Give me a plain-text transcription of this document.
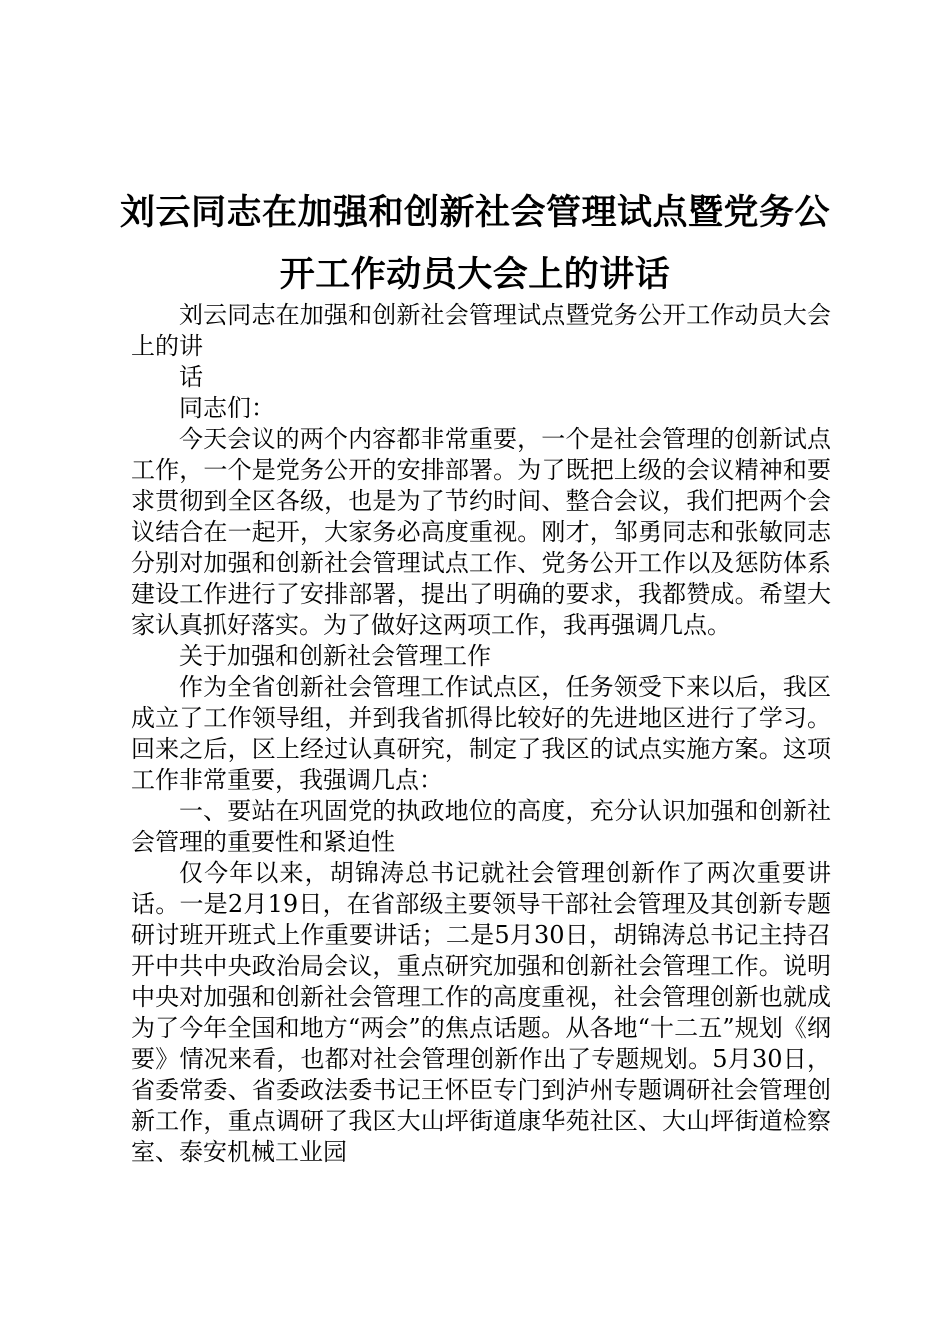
刘云同志在加强和创新社会管理试点暨党务公
开工作动员大会上的讲话

刘云同志在加强和创新社会管理试点暨党务公开工作动员大会上的讲

话

同志们：

今天会议的两个内容都非常重要，一个是社会管理的创新试点工作，一个是党务公开的安排部署。为了既把上级的会议精神和要求贯彻到全区各级，也是为了节约时间、整合会议，我们把两个会议结合在一起开，大家务必高度重视。刚才，邹勇同志和张敏同志分别对加强和创新社会管理试点工作、党务公开工作以及惩防体系建设工作进行了安排部署，提出了明确的要求，我都赞成。希望大家认真抓好落实。为了做好这两项工作，我再强调几点。

关于加强和创新社会管理工作

作为全省创新社会管理工作试点区，任务领受下来以后，我区成立了工作领导组，并到我省抓得比较好的先进地区进行了学习。回来之后，区上经过认真研究，制定了我区的试点实施方案。这项工作非常重要，我强调几点：

一、要站在巩固党的执政地位的高度，充分认识加强和创新社会管理的重要性和紧迫性

仅今年以来，胡锦涛总书记就社会管理创新作了两次重要讲话。一是2月19日，在省部级主要领导干部社会管理及其创新专题研讨班开班式上作重要讲话；二是5月30日，胡锦涛总书记主持召开中共中央政治局会议，重点研究加强和创新社会管理工作。说明中央对加强和创新社会管理工作的高度重视，社会管理创新也就成为了今年全国和地方“两会”的焦点话题。从各地“十二五”规划《纲要》情况来看，也都对社会管理创新作出了专题规划。5月30日，省委常委、省委政法委书记王怀臣专门到泸州专题调研社会管理创新工作，重点调研了我区大山坪街道康华苑社区、大山坪街道检察室、泰安机械工业园
